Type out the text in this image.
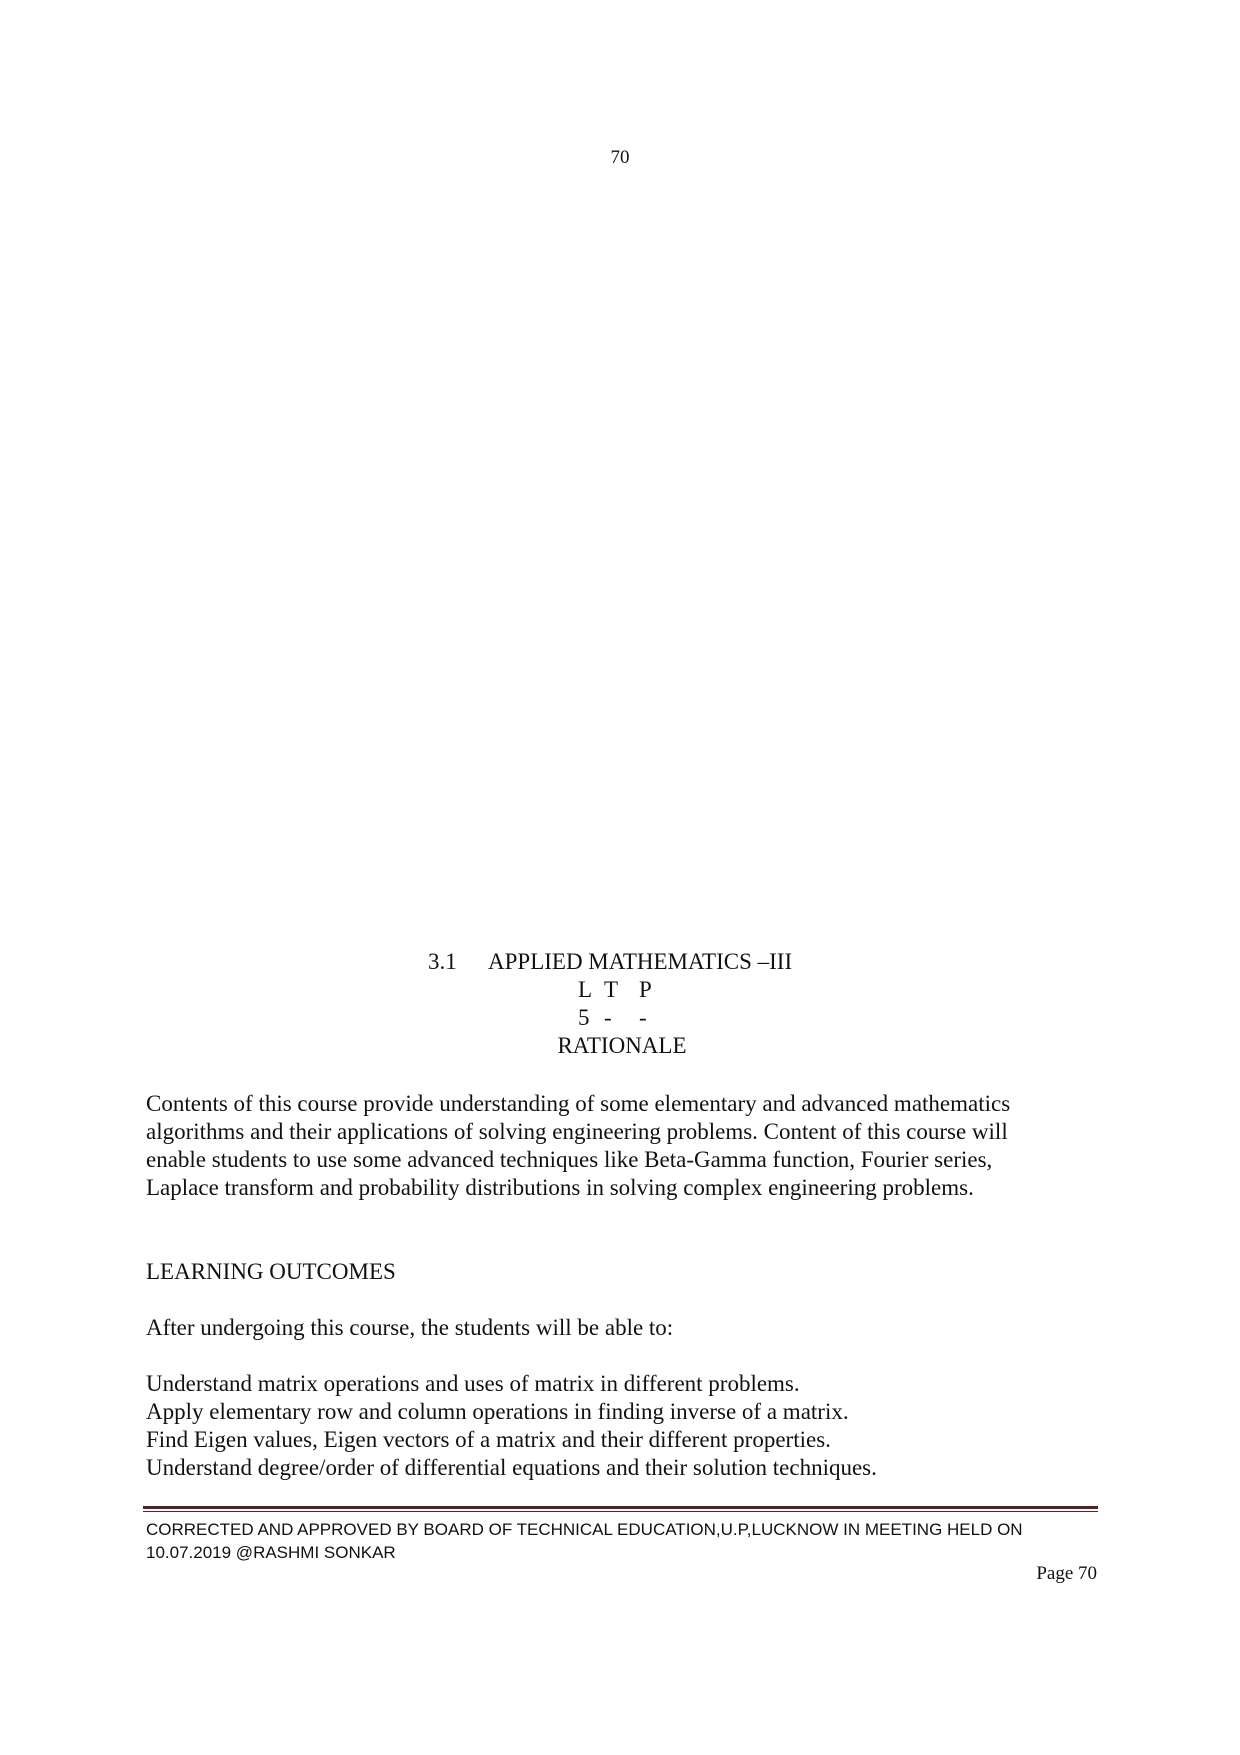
70
3.1 APPLIED MATHEMATICS –III
L T P
5 - -
RATIONALE

Contents of this course provide understanding of some elementary and advanced mathematics

algorithms and their applications of solving engineering problems. Content of this course will

enable students to use some advanced techniques like Beta-Gamma function, Fourier series,

Laplace transform and probability distributions in solving complex engineering problems.

LEARNING OUTCOMES
After undergoing this course, the students will be able to:
Understand matrix operations and uses of matrix in different problems.
Apply elementary row and column operations in finding inverse of a matrix.
Find Eigen values, Eigen vectors of a matrix and their different properties.
Understand degree/order of differential equations and their solution techniques.
CORRECTED AND APPROVED BY BOARD OF TECHNICAL EDUCATION,U.P,LUCKNOW IN MEETING HELD ON
10.07.2019 @RASHMI SONKAR
Page 70
